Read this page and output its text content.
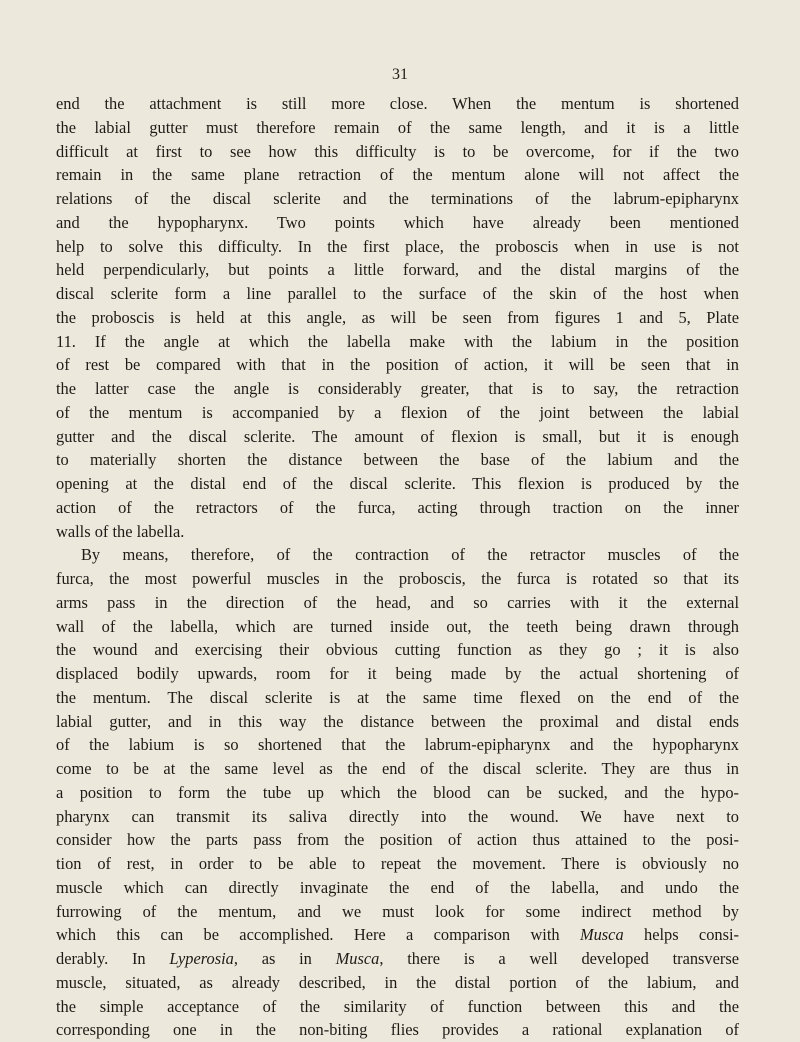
31
end the attachment is still more close. When the mentum is shortened
the labial gutter must therefore remain of the same length, and it is a little
difficult at first to see how this difficulty is to be overcome, for if the two
remain in the same plane retraction of the mentum alone will not affect the
relations of the discal sclerite and the terminations of the labrum-epipharynx
and the hypopharynx. Two points which have already been mentioned
help to solve this difficulty. In the first place, the proboscis when in use is not
held perpendicularly, but points a little forward, and the distal margins of the
discal sclerite form a line parallel to the surface of the skin of the host when
the proboscis is held at this angle, as will be seen from figures 1 and 5, Plate
11. If the angle at which the labella make with the labium in the position
of rest be compared with that in the position of action, it will be seen that in
the latter case the angle is considerably greater, that is to say, the retraction
of the mentum is accompanied by a flexion of the joint between the labial
gutter and the discal sclerite. The amount of flexion is small, but it is enough
to materially shorten the distance between the base of the labium and the
opening at the distal end of the discal sclerite. This flexion is produced by the
action of the retractors of the furca, acting through traction on the inner
walls of the labella.
By means, therefore, of the contraction of the retractor muscles of the
furca, the most powerful muscles in the proboscis, the furca is rotated so that its
arms pass in the direction of the head, and so carries with it the external
wall of the labella, which are turned inside out, the teeth being drawn through
the wound and exercising their obvious cutting function as they go ; it is also
displaced bodily upwards, room for it being made by the actual shortening of
the mentum. The discal sclerite is at the same time flexed on the end of the
labial gutter, and in this way the distance between the proximal and distal ends
of the labium is so shortened that the labrum-epipharynx and the hypopharynx
come to be at the same level as the end of the discal sclerite. They are thus in
a position to form the tube up which the blood can be sucked, and the hypo-
pharynx can transmit its saliva directly into the wound. We have next to
consider how the parts pass from the position of action thus attained to the posi-
tion of rest, in order to be able to repeat the movement. There is obviously no
muscle which can directly invaginate the end of the labella, and undo the
furrowing of the mentum, and we must look for some indirect method by
which this can be accomplished. Here a comparison with Musca helps consi-
derably. In Lyperosia, as in Musca, there is a well developed transverse
muscle, situated, as already described, in the distal portion of the labium, and
the simple acceptance of the similarity of function between this and the
corresponding one in the non-biting flies provides a rational explanation of
